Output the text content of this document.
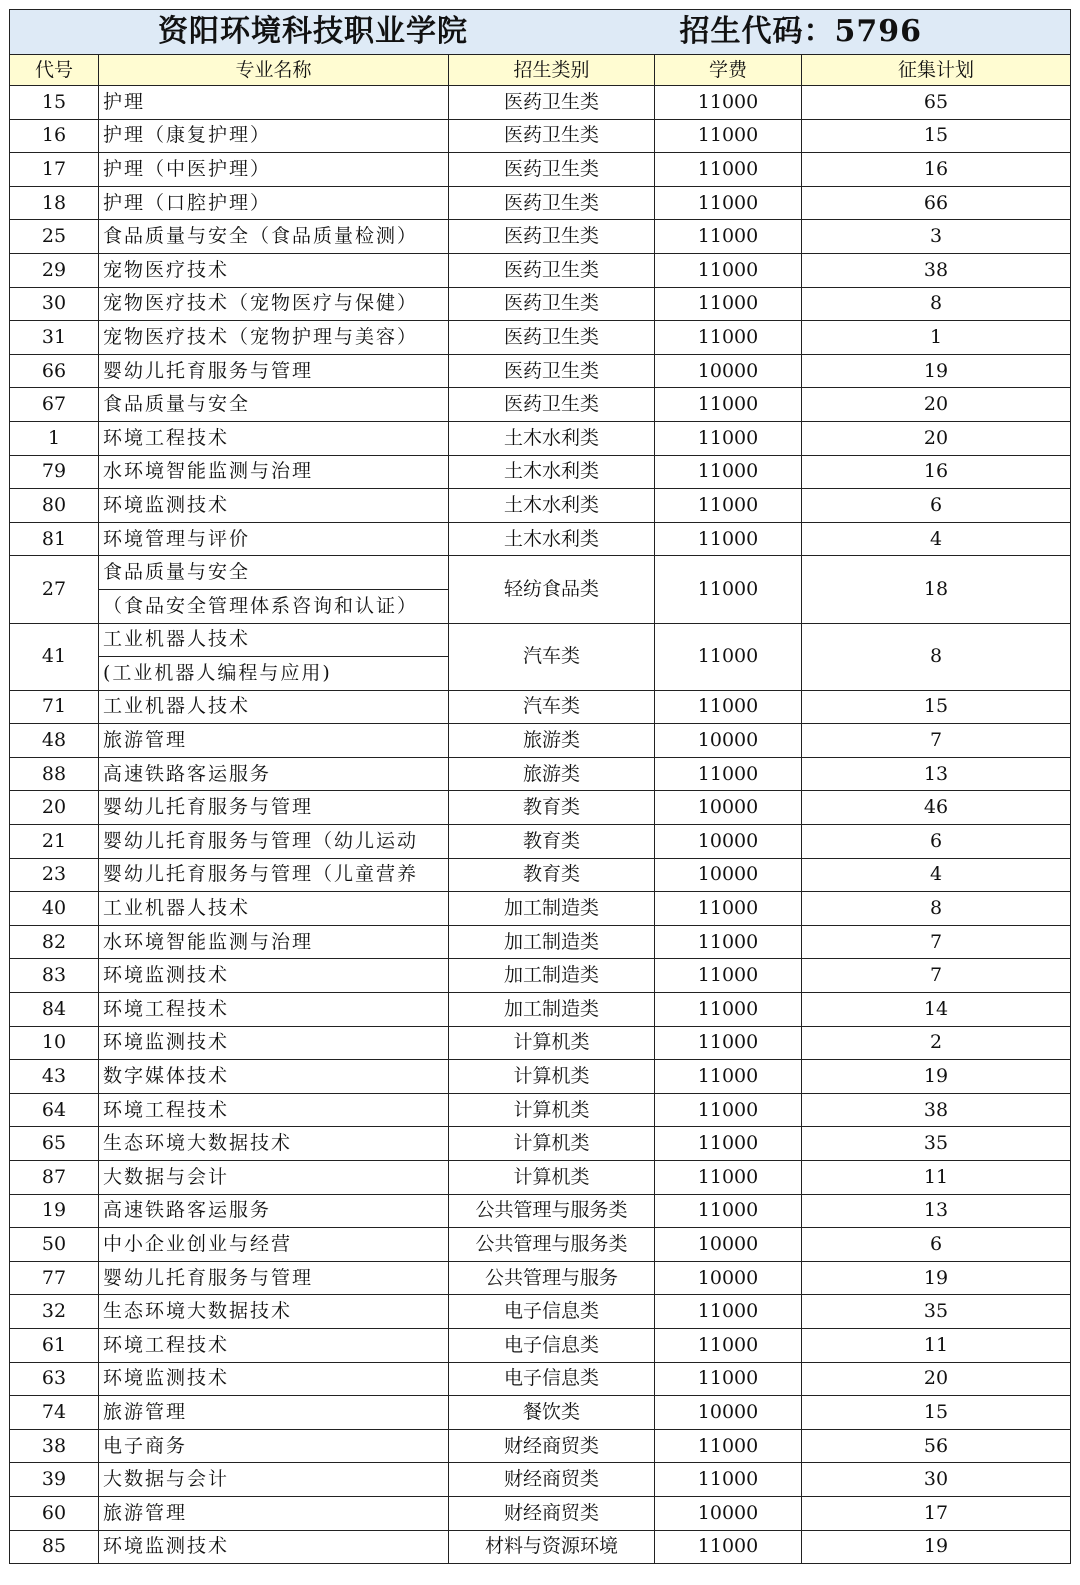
资阳环境科技职业学院 招生代码：5796				

代号	专业名称	招生类别	学费	征集计划
15	护理	医药卫生类	11000	65
16	护理（康复护理）	医药卫生类	11000	15
17	护理（中医护理）	医药卫生类	11000	16
18	护理（口腔护理）	医药卫生类	11000	66
25	食品质量与安全（食品质量检测）	医药卫生类	11000	3
29	宠物医疗技术	医药卫生类	11000	38
30	宠物医疗技术（宠物医疗与保健）	医药卫生类	11000	8
31	宠物医疗技术（宠物护理与美容）	医药卫生类	11000	1
66	婴幼儿托育服务与管理	医药卫生类	10000	19
67	食品质量与安全	医药卫生类	11000	20
1	环境工程技术	土木水利类	11000	20
79	水环境智能监测与治理	土木水利类	11000	16
80	环境监测技术	土木水利类	11000	6
81	环境管理与评价	土木水利类	11000	4
27	食品质量与安全	轻纺食品类	11000	18
	（食品安全管理体系咨询和认证）			
41	工业机器人技术	汽车类	11000	8
	(工业机器人编程与应用)			
71	工业机器人技术	汽车类	11000	15
48	旅游管理	旅游类	10000	7
88	高速铁路客运服务	旅游类	11000	13
20	婴幼儿托育服务与管理	教育类	10000	46
21	婴幼儿托育服务与管理（幼儿运动	教育类	10000	6
23	婴幼儿托育服务与管理（儿童营养	教育类	10000	4
40	工业机器人技术	加工制造类	11000	8
82	水环境智能监测与治理	加工制造类	11000	7
83	环境监测技术	加工制造类	11000	7
84	环境工程技术	加工制造类	11000	14
10	环境监测技术	计算机类	11000	2
43	数字媒体技术	计算机类	11000	19
64	环境工程技术	计算机类	11000	38
65	生态环境大数据技术	计算机类	11000	35
87	大数据与会计	计算机类	11000	11
19	高速铁路客运服务	公共管理与服务类	11000	13
50	中小企业创业与经营	公共管理与服务类	10000	6
77	婴幼儿托育服务与管理	公共管理与服务	10000	19
32	生态环境大数据技术	电子信息类	11000	35
61	环境工程技术	电子信息类	11000	11
63	环境监测技术	电子信息类	11000	20
74	旅游管理	餐饮类	10000	15
38	电子商务	财经商贸类	11000	56
39	大数据与会计	财经商贸类	11000	30
60	旅游管理	财经商贸类	10000	17
85	环境监测技术	材料与资源环境	11000	19
